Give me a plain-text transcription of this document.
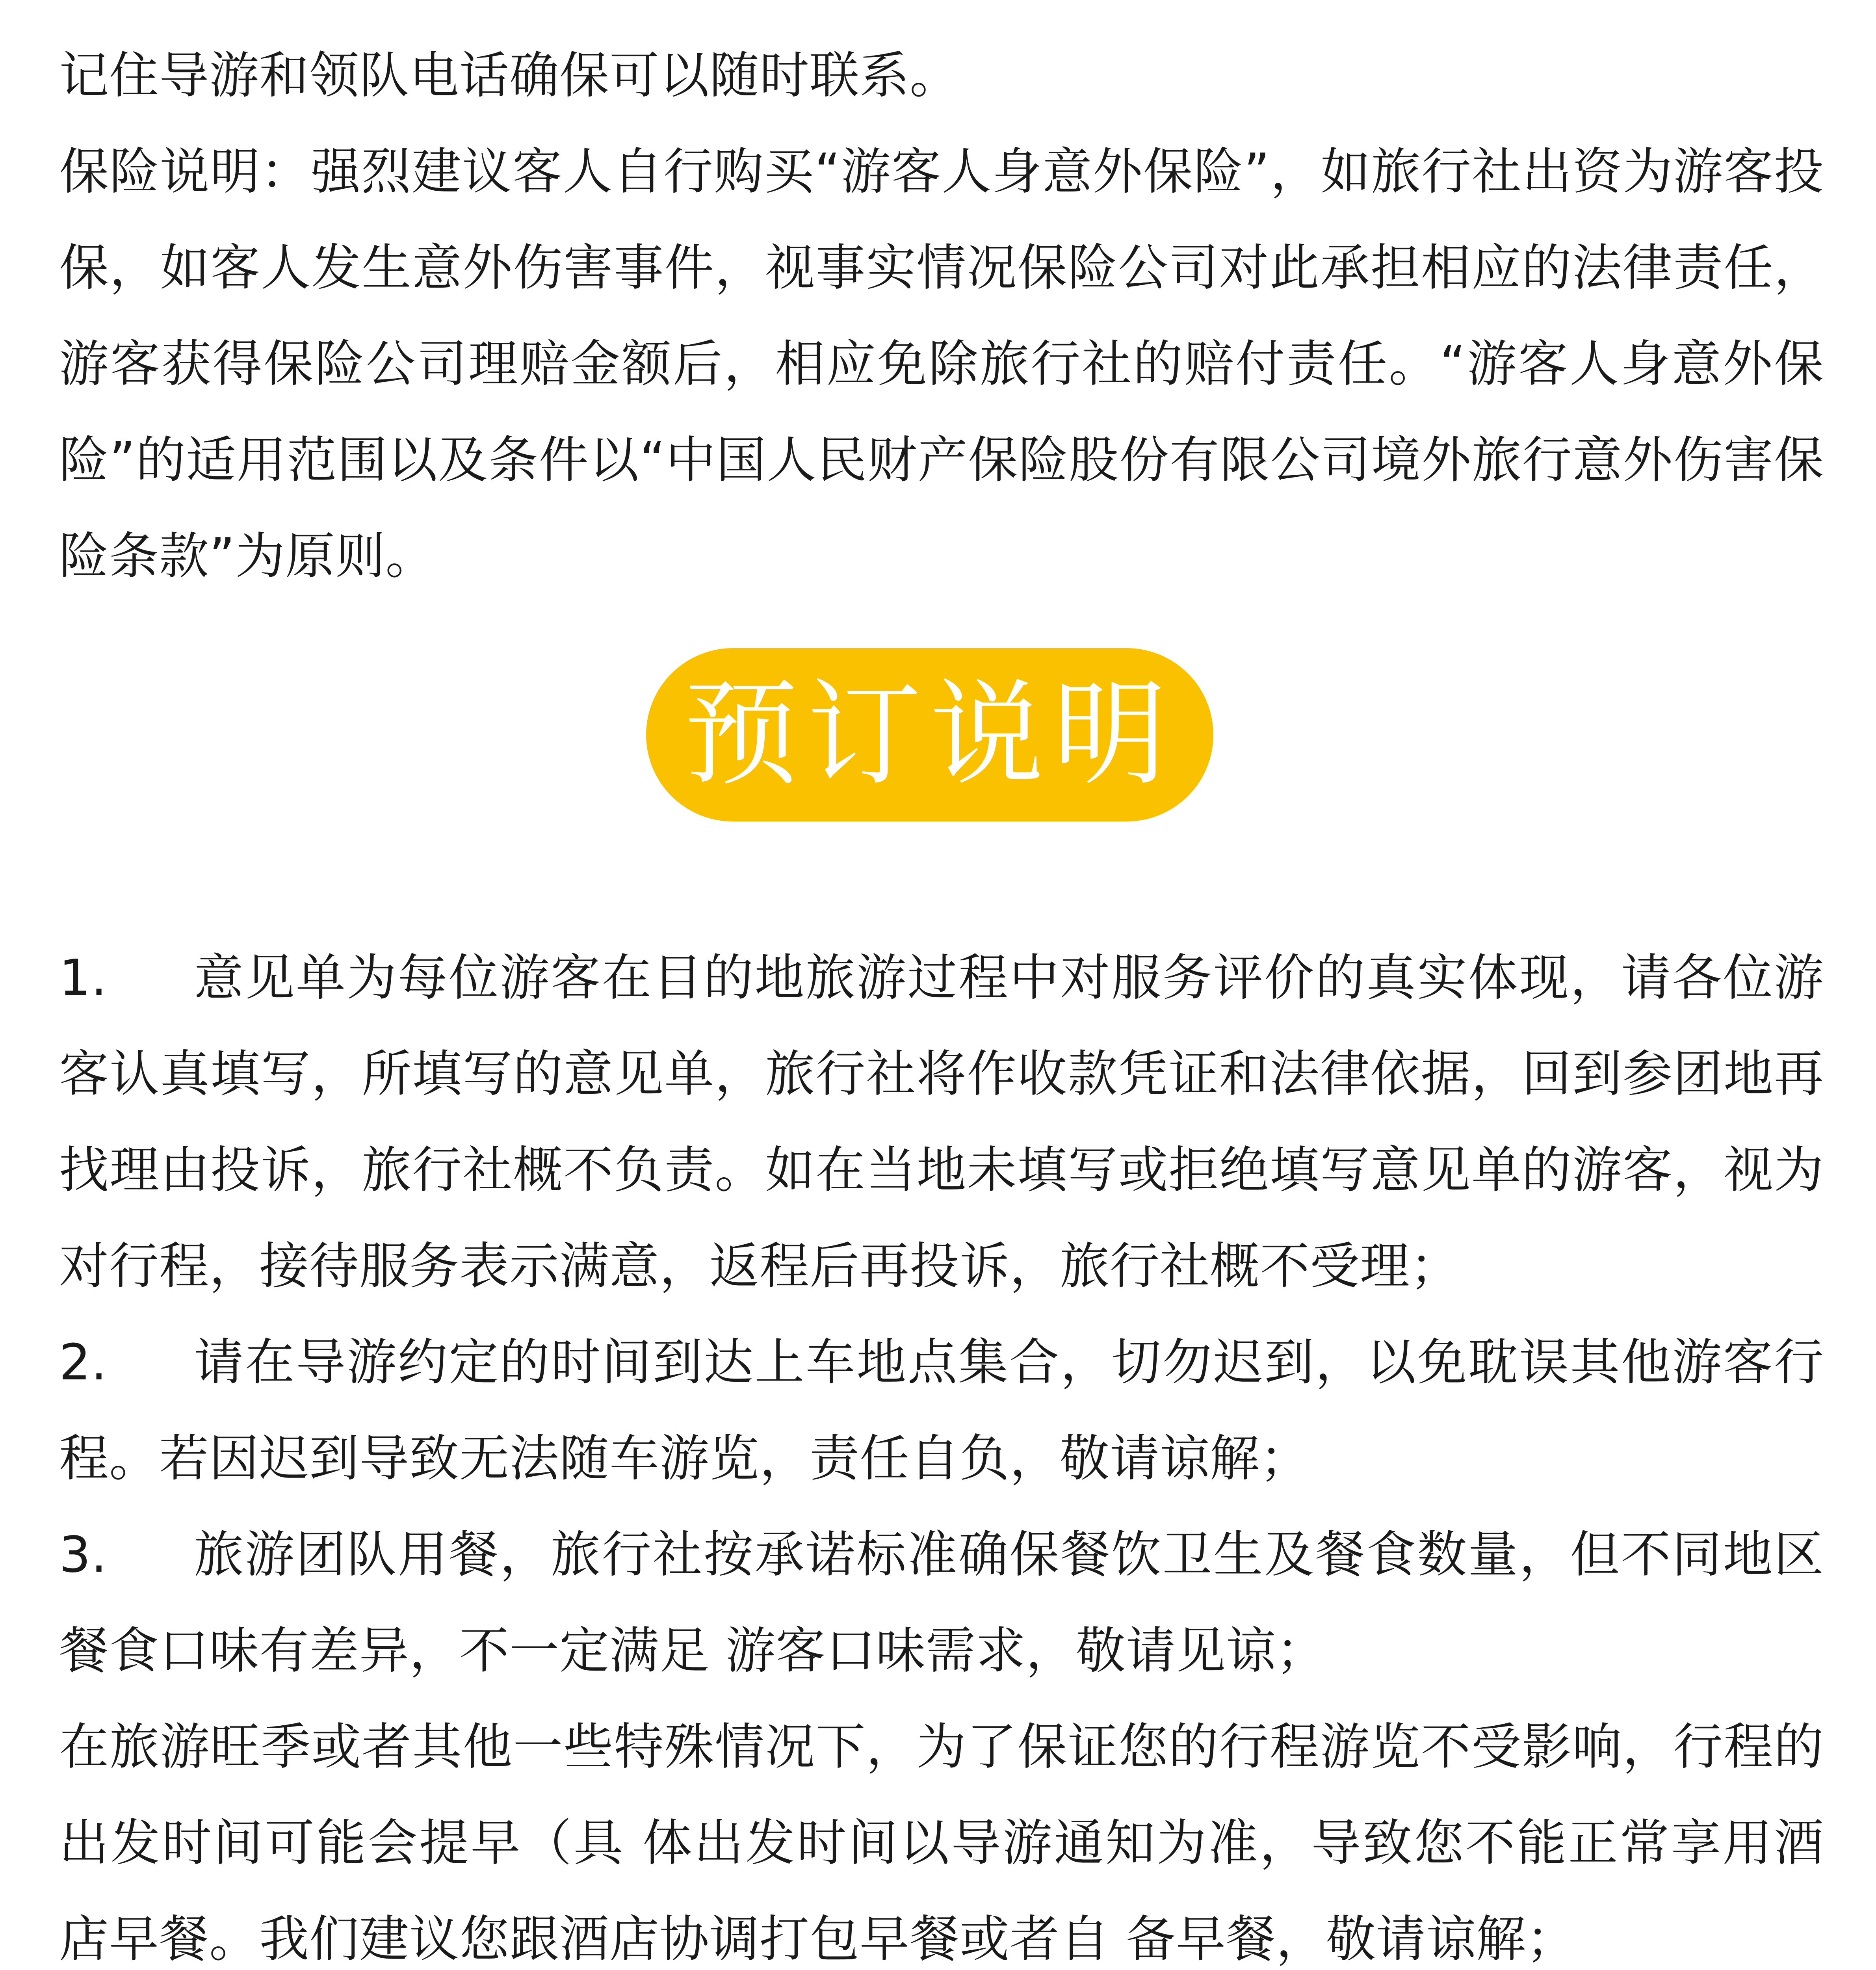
记住导游和领队电话确保可以随时联系。

保险说明：强烈建议客人自行购买“游客人身意外保险”，如旅行社出资为游客投保，如客人发生意外伤害事件，视事实情况保险公司对此承担相应的法律责任，游客获得保险公司理赔金额后，相应免除旅行社的赔付责任。“游客人身意外保险”的适用范围以及条件以“中国人民财产保险股份有限公司境外旅行意外伤害保险条款”为原则。

预订说明

1. 意见单为每位游客在目的地旅游过程中对服务评价的真实体现，请各位游客认真填写，所填写的意见单，旅行社将作收款凭证和法律依据，回到参团地再找理由投诉，旅行社概不负责。如在当地未填写或拒绝填写意见单的游客，视为对行程，接待服务表示满意，返程后再投诉，旅行社概不受理；

2. 请在导游约定的时间到达上车地点集合，切勿迟到，以免耽误其他游客行程。若因迟到导致无法随车游览，责任自负，敬请谅解；

3. 旅游团队用餐，旅行社按承诺标准确保餐饮卫生及餐食数量，但不同地区餐食口味有差异，不一定满足 游客口味需求，敬请见谅；

在旅游旺季或者其他一些特殊情况下，为了保证您的行程游览不受影响，行程的出发时间可能会提早（具 体出发时间以导游通知为准，导致您不能正常享用酒店早餐。我们建议您跟酒店协调打包早餐或者自 备早餐，敬请谅解；
